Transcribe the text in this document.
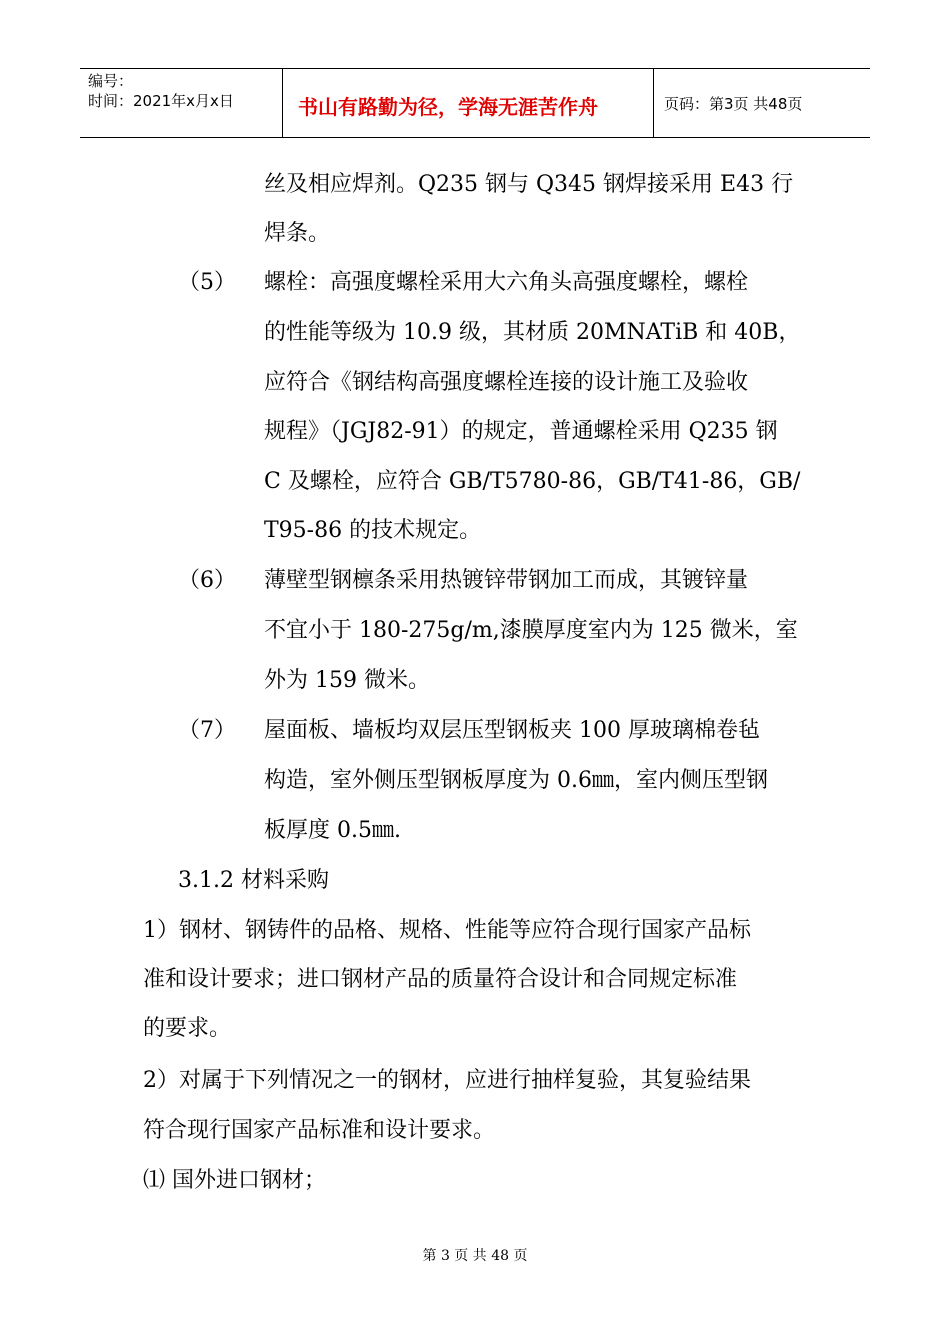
编号：
时间：2021年x月x日	书山有路勤为径，学海无涯苦作舟	页码：第3页 共48页
丝及相应焊剂。Q235 钢与 Q345 钢焊接采用 E43 行
焊条。
（5） 螺栓：高强度螺栓采用大六角头高强度螺栓，螺栓
的性能等级为 10.9 级，其材质 20MNATiB 和 40B，
应符合《钢结构高强度螺栓连接的设计施工及验收
规程》（JGJ82-91）的规定，普通螺栓采用 Q235 钢
C 及螺栓，应符合 GB/T5780-86，GB/T41-86，GB/
T95-86 的技术规定。
（6） 薄壁型钢檩条采用热镀锌带钢加工而成，其镀锌量
不宜小于 180-275g/m,漆膜厚度室内为 125 微米，室
外为 159 微米。
（7） 屋面板、墙板均双层压型钢板夹 100 厚玻璃棉卷毡
构造，室外侧压型钢板厚度为 0.6㎜，室内侧压型钢
板厚度 0.5㎜.
3.1.2 材料采购
1）钢材、钢铸件的品格、规格、性能等应符合现行国家产品标
准和设计要求；进口钢材产品的质量符合设计和合同规定标准
的要求。
2）对属于下列情况之一的钢材，应进行抽样复验，其复验结果
符合现行国家产品标准和设计要求。
⑴ 国外进口钢材；
第 3 页 共 48 页
